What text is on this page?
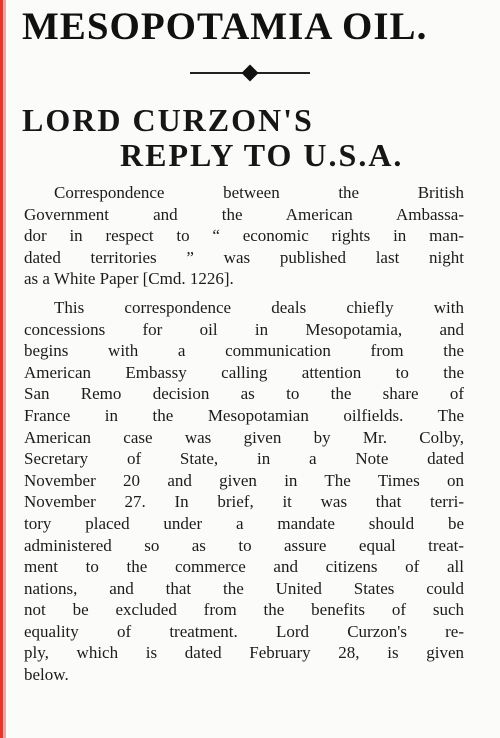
MESOPOTAMIA OIL.
LORD CURZON'S
REPLY TO U.S.A.
Correspondence between the British
Government and the American Ambassa-
dor in respect to “ economic rights in man-
dated territories ” was published last night
as a White Paper [Cmd. 1226].
This correspondence deals chiefly with
concessions for oil in Mesopotamia, and
begins with a communication from the
American Embassy calling attention to the
San Remo decision as to the share of
France in the Mesopotamian oilfields. The
American case was given by Mr. Colby,
Secretary of State, in a Note dated
November 20 and given in The Times on
November 27. In brief, it was that terri-
tory placed under a mandate should be
administered so as to assure equal treat-
ment to the commerce and citizens of all
nations, and that the United States could
not be excluded from the benefits of such
equality of treatment. Lord Curzon's re-
ply, which is dated February 28, is given
below.
